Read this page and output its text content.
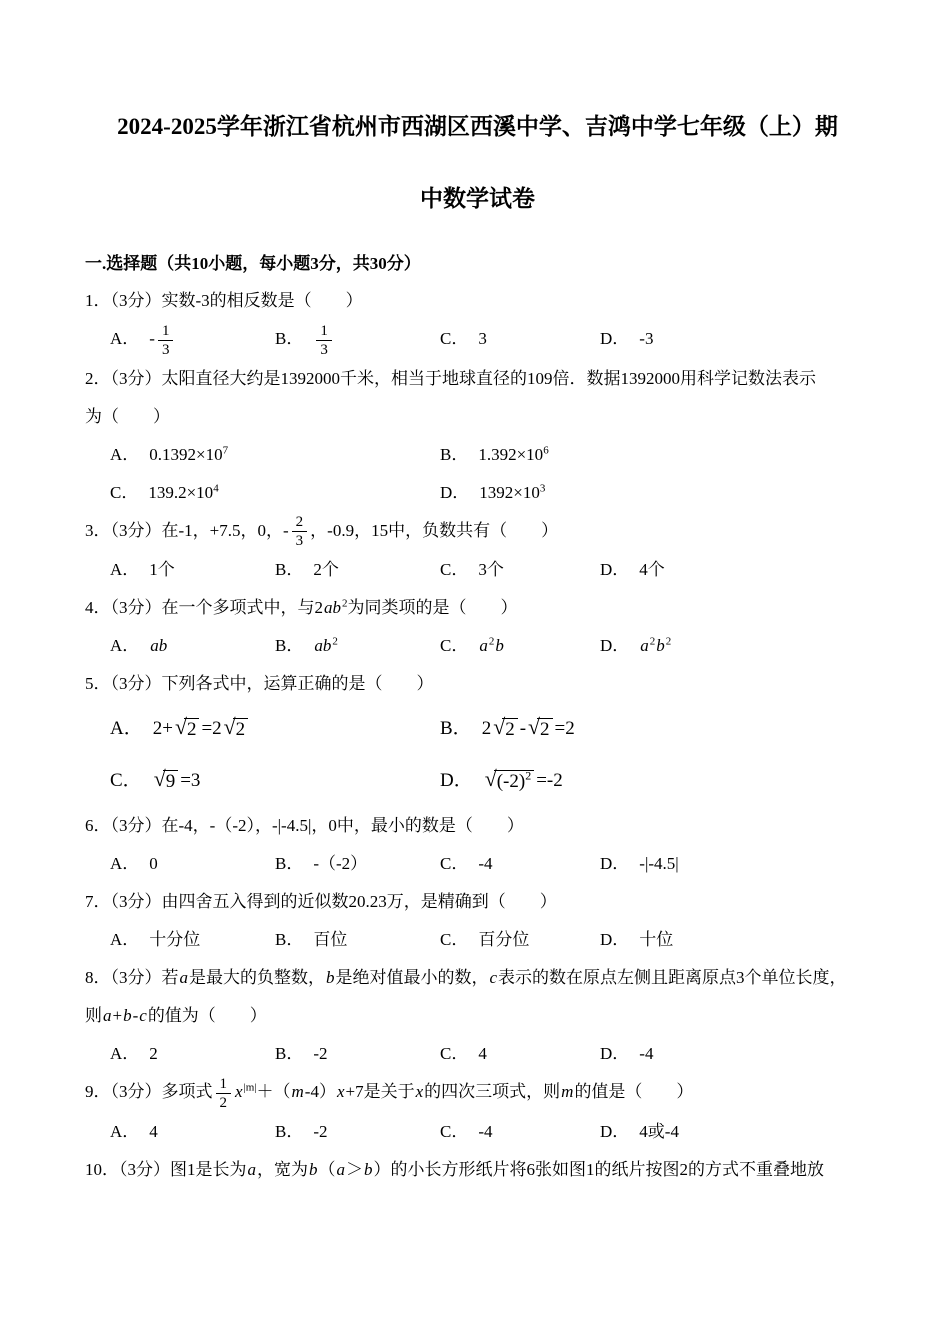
2024-2025学年浙江省杭州市西湖区西溪中学、吉鸿中学七年级（上）期
中数学试卷
一.选择题（共10小题，每小题3分，共30分）
1．（3分）实数-3的相反数是（　　）
A． - $\frac{1}{3}$	B． $\frac{1}{3}$	C． 3	D． -3
2．（3分）太阳直径大约是1392000千米，相当于地球直径的109倍．数据1392000用科学记数法表示
为（　　）
A． $0.1392\times 10^7$	B． $1.392\times 10^6$
C． $139.2\times 10^4$	D． $1392\times 10^3$
3．（3分）在-1，+7.5，0，- $\frac{2}{3}$ ，-0.9，15中，负数共有（　　）
A． 1个	B． 2个	C． 3个	D． 4个
4．（3分）在一个多项式中，与$2ab^2$为同类项的是（　　）
A． ab	B． $ab^2$	C． $a^2b$	D． $a^2b^2$
5．（3分）下列各式中，运算正确的是（　　）
A． 2+√2 =2√2	B． 2√2 -√2 =2
C． √9 =3	D． $√(-2)^2 =-2$
6．（3分）在-4，-（-2），-|-4.5|，0中，最小的数是（　　）
A． 0	B． -（-2）	C． -4	D． -|-4.5|
7．（3分）由四舍五入得到的近似数20.23万，是精确到（　　）
A． 十分位	B． 百位	C． 百分位	D． 十位
8．（3分）若a是最大的负整数，b是绝对值最小的数，c表示的数在原点左侧且距离原点3个单位长度，
则a+b-c的值为（　　）
A． 2	B． -2	C． 4	D． -4
9．（3分）多项式 $\frac{1}{2} x^{|m|}+(m-4)x+7$是关于x的四次三项式，则m的值是（　　）
A． 4	B． -2	C． -4	D． 4或-4
10．（3分）图1是长为a，宽为b（a＞b）的小长方形纸片将6张如图1的纸片按图2的方式不重叠地放
